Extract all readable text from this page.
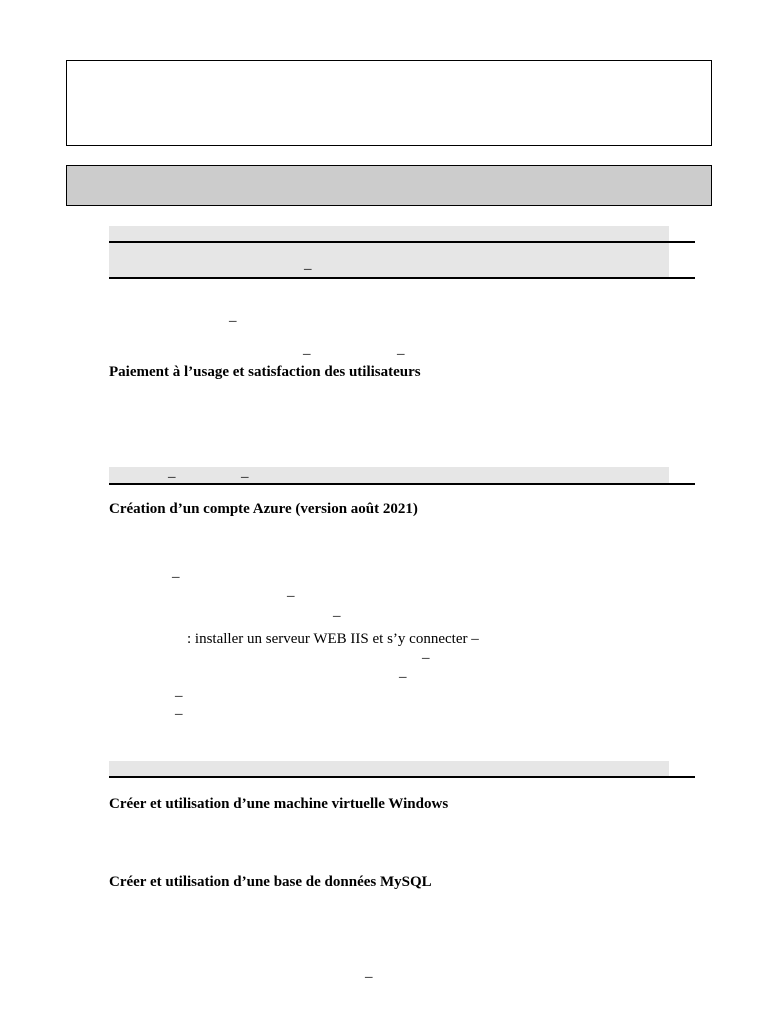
–
–
–	–
Paiement à l’usage et satisfaction des utilisateurs
–	–
Création d’un compte Azure (version août 2021)
–
–
–
: installer un serveur WEB IIS et s’y connecter –
–
–
–
–
Créer et utilisation d’une machine virtuelle Windows
Créer et utilisation d’une base de données MySQL
–
